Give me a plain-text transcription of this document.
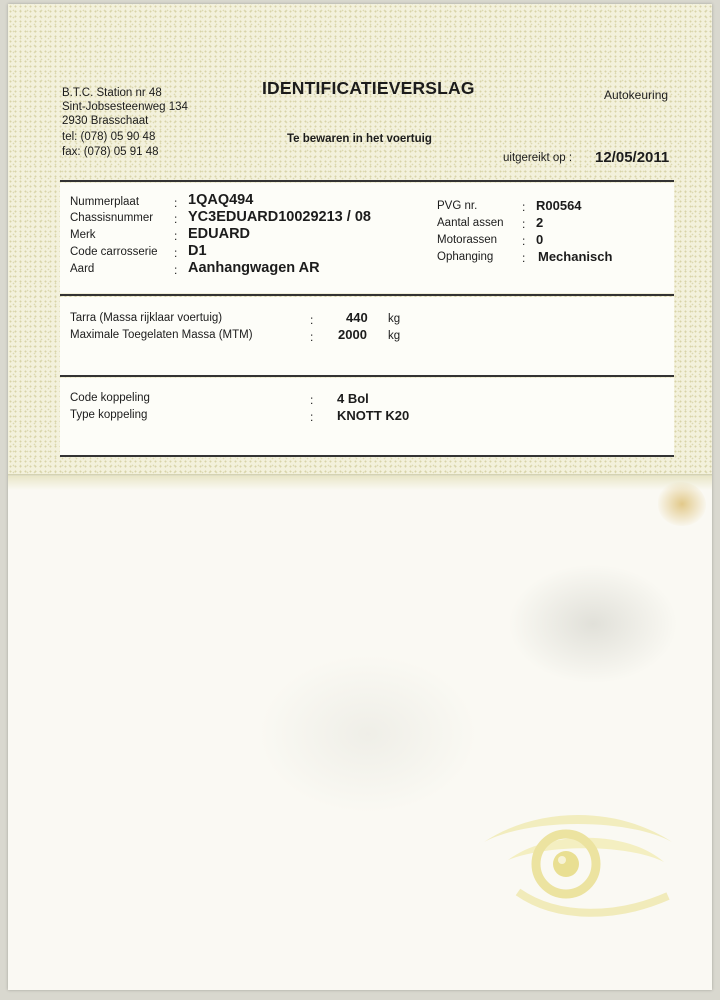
B.T.C. Station nr 48
Sint-Jobsesteenweg 134
2930 Brasschaat
tel: (078) 05 90 48
fax: (078) 05 91 48
IDENTIFICATIEVERSLAG	Autokeuring
Te bewaren in het voertuig
uitgereikt op : 12/05/2011
Nummerplaat	: 1QAQ494
Chassisnummer : YC3EDUARD10029213 / 08
Merk	: EDUARD
Code carrosserie : D1
Aard	: Aanhangwagen AR
PVG nr.	: R00564
Aantal assen : 2
Motorassen : 0
Ophanging : Mechanisch
Tarra (Massa rijklaar voertuig)	:	440 kg
Maximale Toegelaten Massa (MTM)	: 2000 kg
Code koppeling	: 4 Bol
Type koppeling	: KNOTT K20
